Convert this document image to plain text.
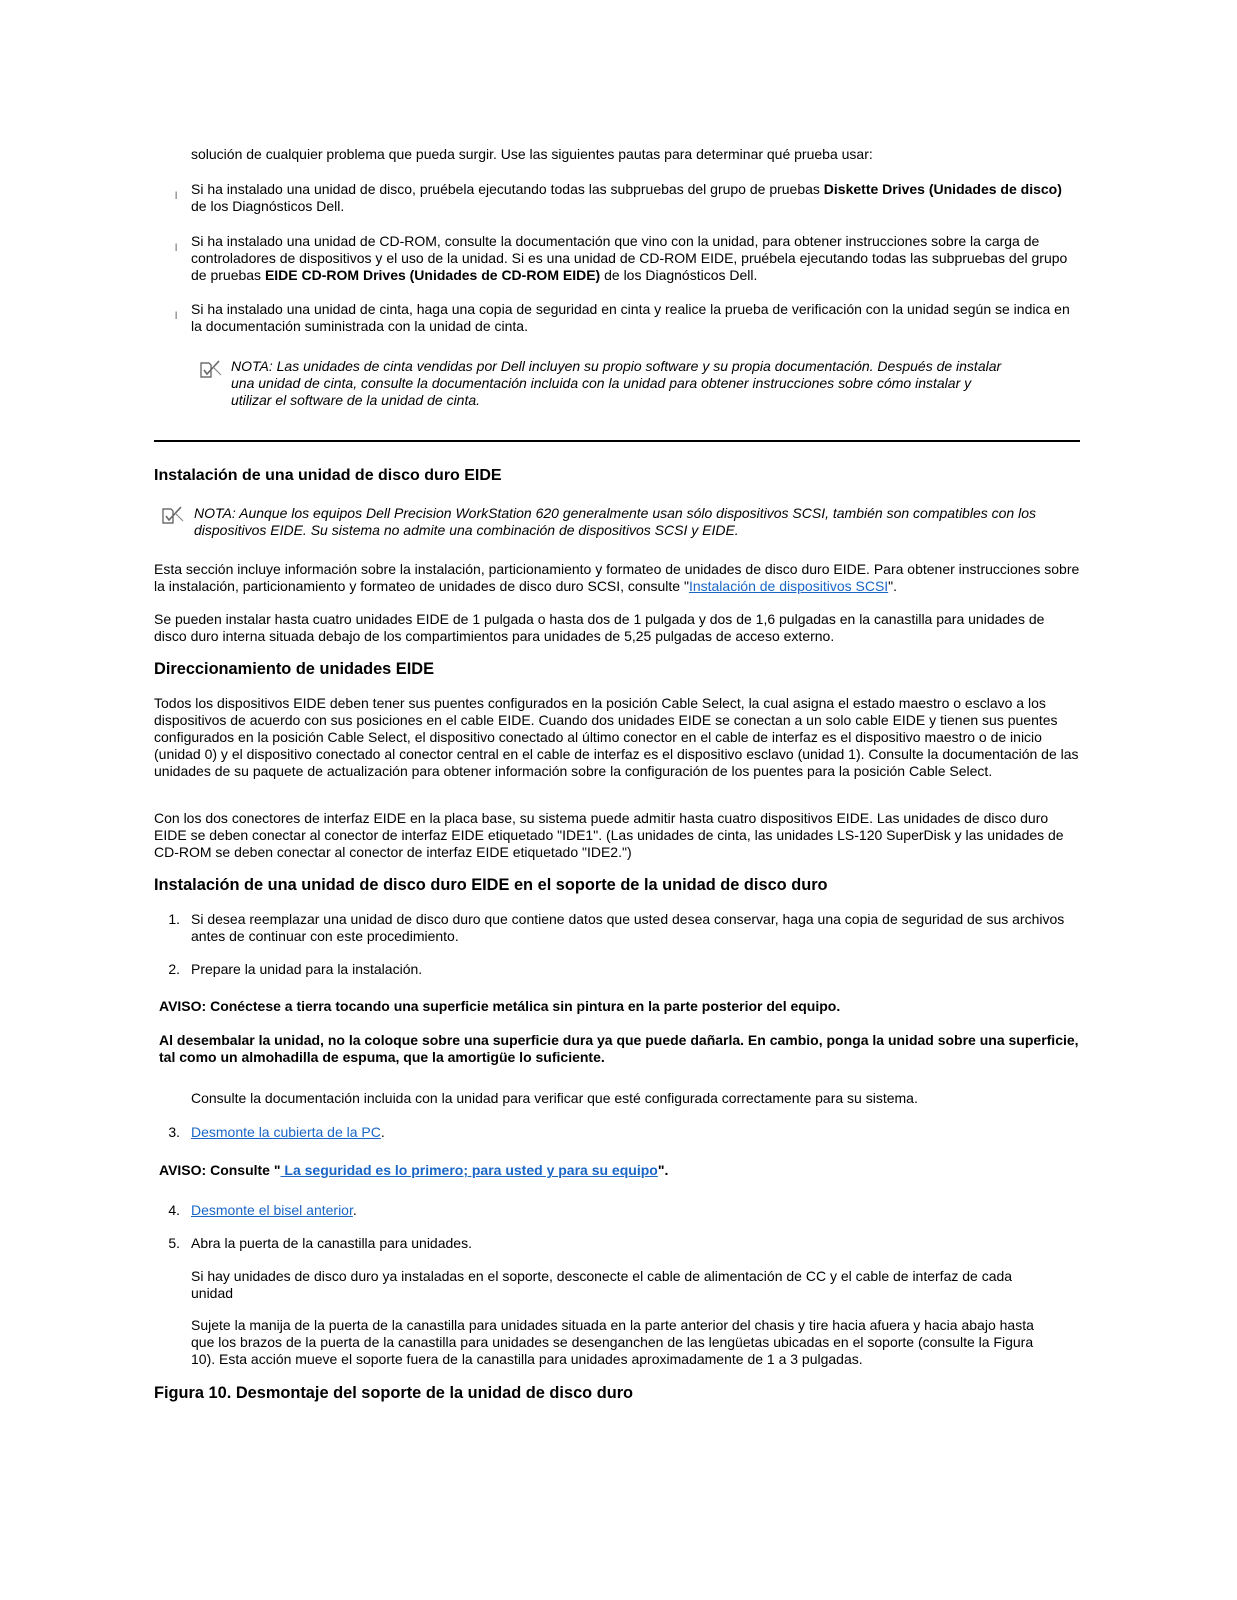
solución de cualquier problema que pueda surgir. Use las siguientes pautas para determinar qué prueba usar:

l Si ha instalado una unidad de disco, pruébela ejecutando todas las subpruebas del grupo de pruebas Diskette Drives (Unidades de disco) de los Diagnósticos Dell.

l Si ha instalado una unidad de CD-ROM, consulte la documentación que vino con la unidad, para obtener instrucciones sobre la carga de controladores de dispositivos y el uso de la unidad. Si es una unidad de CD-ROM EIDE, pruébela ejecutando todas las subpruebas del grupo de pruebas EIDE CD-ROM Drives (Unidades de CD-ROM EIDE) de los Diagnósticos Dell.

l Si ha instalado una unidad de cinta, haga una copia de seguridad en cinta y realice la prueba de verificación con la unidad según se indica en la documentación suministrada con la unidad de cinta.

NOTA: Las unidades de cinta vendidas por Dell incluyen su propio software y su propia documentación. Después de instalar una unidad de cinta, consulte la documentación incluida con la unidad para obtener instrucciones sobre cómo instalar y utilizar el software de la unidad de cinta.

Instalación de una unidad de disco duro EIDE

NOTA: Aunque los equipos Dell Precision WorkStation 620 generalmente usan sólo dispositivos SCSI, también son compatibles con los dispositivos EIDE. Su sistema no admite una combinación de dispositivos SCSI y EIDE.

Esta sección incluye información sobre la instalación, particionamiento y formateo de unidades de disco duro EIDE. Para obtener instrucciones sobre la instalación, particionamiento y formateo de unidades de disco duro SCSI, consulte "Instalación de dispositivos SCSI".

Se pueden instalar hasta cuatro unidades EIDE de 1 pulgada o hasta dos de 1 pulgada y dos de 1,6 pulgadas en la canastilla para unidades de disco duro interna situada debajo de los compartimientos para unidades de 5,25 pulgadas de acceso externo.

Direccionamiento de unidades EIDE

Todos los dispositivos EIDE deben tener sus puentes configurados en la posición Cable Select, la cual asigna el estado maestro o esclavo a los dispositivos de acuerdo con sus posiciones en el cable EIDE. Cuando dos unidades EIDE se conectan a un solo cable EIDE y tienen sus puentes configurados en la posición Cable Select, el dispositivo conectado al último conector en el cable de interfaz es el dispositivo maestro o de inicio (unidad 0) y el dispositivo conectado al conector central en el cable de interfaz es el dispositivo esclavo (unidad 1). Consulte la documentación de las unidades de su paquete de actualización para obtener información sobre la configuración de los puentes para la posición Cable Select.

Con los dos conectores de interfaz EIDE en la placa base, su sistema puede admitir hasta cuatro dispositivos EIDE. Las unidades de disco duro EIDE se deben conectar al conector de interfaz EIDE etiquetado "IDE1". (Las unidades de cinta, las unidades LS-120 SuperDisk y las unidades de CD-ROM se deben conectar al conector de interfaz EIDE etiquetado "IDE2.")

Instalación de una unidad de disco duro EIDE en el soporte de la unidad de disco duro
1. Si desea reemplazar una unidad de disco duro que contiene datos que usted desea conservar, haga una copia de seguridad de sus archivos antes de continuar con este procedimiento.

2. Prepare la unidad para la instalación.

AVISO: Conéctese a tierra tocando una superficie metálica sin pintura en la parte posterior del equipo.

Al desembalar la unidad, no la coloque sobre una superficie dura ya que puede dañarla. En cambio, ponga la unidad sobre una superficie, tal como un almohadilla de espuma, que la amortigüe lo suficiente.

Consulte la documentación incluida con la unidad para verificar que esté configurada correctamente para su sistema.

3. Desmonte la cubierta de la PC.

AVISO: Consulte " La seguridad es lo primero; para usted y para su equipo".

4. Desmonte el bisel anterior.

5. Abra la puerta de la canastilla para unidades.

Si hay unidades de disco duro ya instaladas en el soporte, desconecte el cable de alimentación de CC y el cable de interfaz de cada unidad

Sujete la manija de la puerta de la canastilla para unidades situada en la parte anterior del chasis y tire hacia afuera y hacia abajo hasta que los brazos de la puerta de la canastilla para unidades se desenganchen de las lengüetas ubicadas en el soporte (consulte la Figura 10). Esta acción mueve el soporte fuera de la canastilla para unidades aproximadamente de 1 a 3 pulgadas.

Figura 10. Desmontaje del soporte de la unidad de disco duro
